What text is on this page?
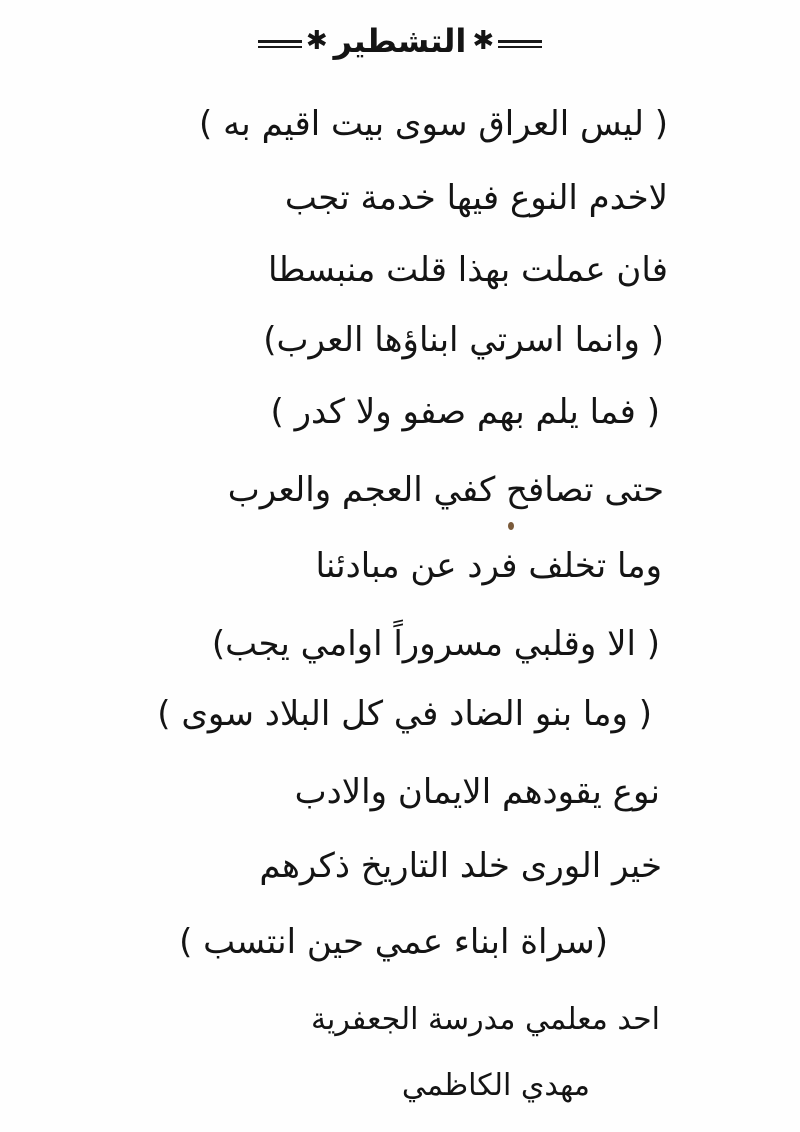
✱ التشطير ✱
( ليس العراق سوى بيت اقيم به )
لاخدم النوع فيها خدمة تجب
فان عملت بهذا قلت منبسطا
( وانما اسرتي ابناؤها العرب)
( فما يلم بهم صفو ولا كدر )
حتى تصافح كفي العجم والعرب
وما تخلف فرد عن مبادئنا
( الا وقلبي مسروراً اوامي يجب)
( وما بنو الضاد في كل البلاد سوى )
نوع يقودهم الايمان والادب
خير الورى خلد التاريخ ذكرهم
(سراة ابناء عمي حين انتسب )
احد معلمي مدرسة الجعفرية
مهدي الكاظمي
